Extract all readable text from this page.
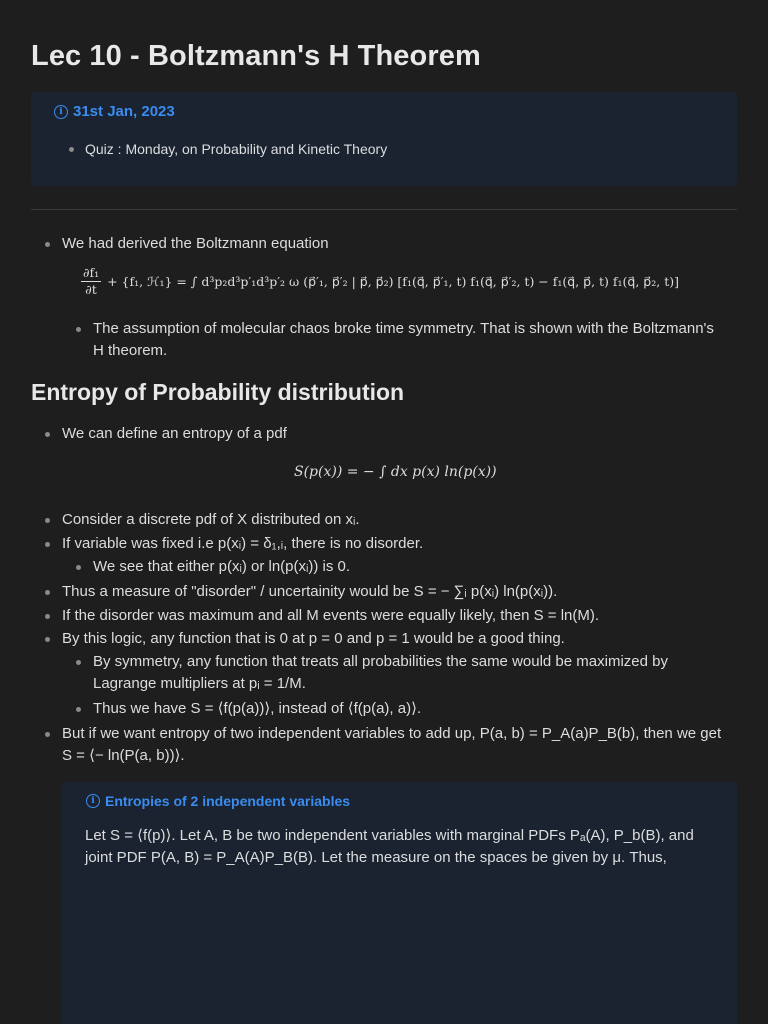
Lec 10 - Boltzmann's H Theorem
i 31st Jan, 2023
Quiz : Monday, on Probability and Kinetic Theory
We had derived the Boltzmann equation
$\frac{\text{∂f₁}}{\partial t} + \{f_1$, ℋ₁} = ∫ d³p₂d³p′₁d³p′₂ ω (p⃗′₁, p⃗′₂ | p⃗, p⃗₂) [f₁(q⃗, p⃗′₁, t) f₁(q⃗, p⃗′₂, t) − f₁(q⃗, p⃗, t) f₁(q⃗, p⃗₂, t)]
The assumption of molecular chaos broke time symmetry. That is shown with the Boltzmann's
H theorem.
Entropy of Probability distribution
We can define an entropy of a pdf
S(p(x)) = − ∫ dx p(x) ln(p(x))
Consider a discrete pdf of X distributed on xᵢ.
If variable was fixed i.e p(xᵢ) = δ₁,ᵢ, there is no disorder.
We see that either p(xᵢ) or ln(p(xᵢ)) is 0.
Thus a measure of "disorder" / uncertainity would be S = − ∑ᵢ p(xᵢ) ln(p(xᵢ)).
If the disorder was maximum and all M events were equally likely, then S = ln(M).
By this logic, any function that is 0 at p = 0 and p = 1 would be a good thing.
By symmetry, any function that treats all probabilities the same would be maximized by
Lagrange multipliers at pᵢ = 1/M.
Thus we have S = ⟨f(p(a))⟩, instead of ⟨f(p(a), a)⟩.
But if we want entropy of two independent variables to add up, P(a, b) = P_A(a)P_B(b), then we get
S = ⟨− ln(P(a, b))⟩.
i Entropies of 2 independent variables
Let S = ⟨f(p)⟩. Let A, B be two independent variables with marginal PDFs Pₐ(A), P_b(B), and
joint PDF P(A, B) = P_A(A)P_B(B). Let the measure on the spaces be given by μ. Thus,
